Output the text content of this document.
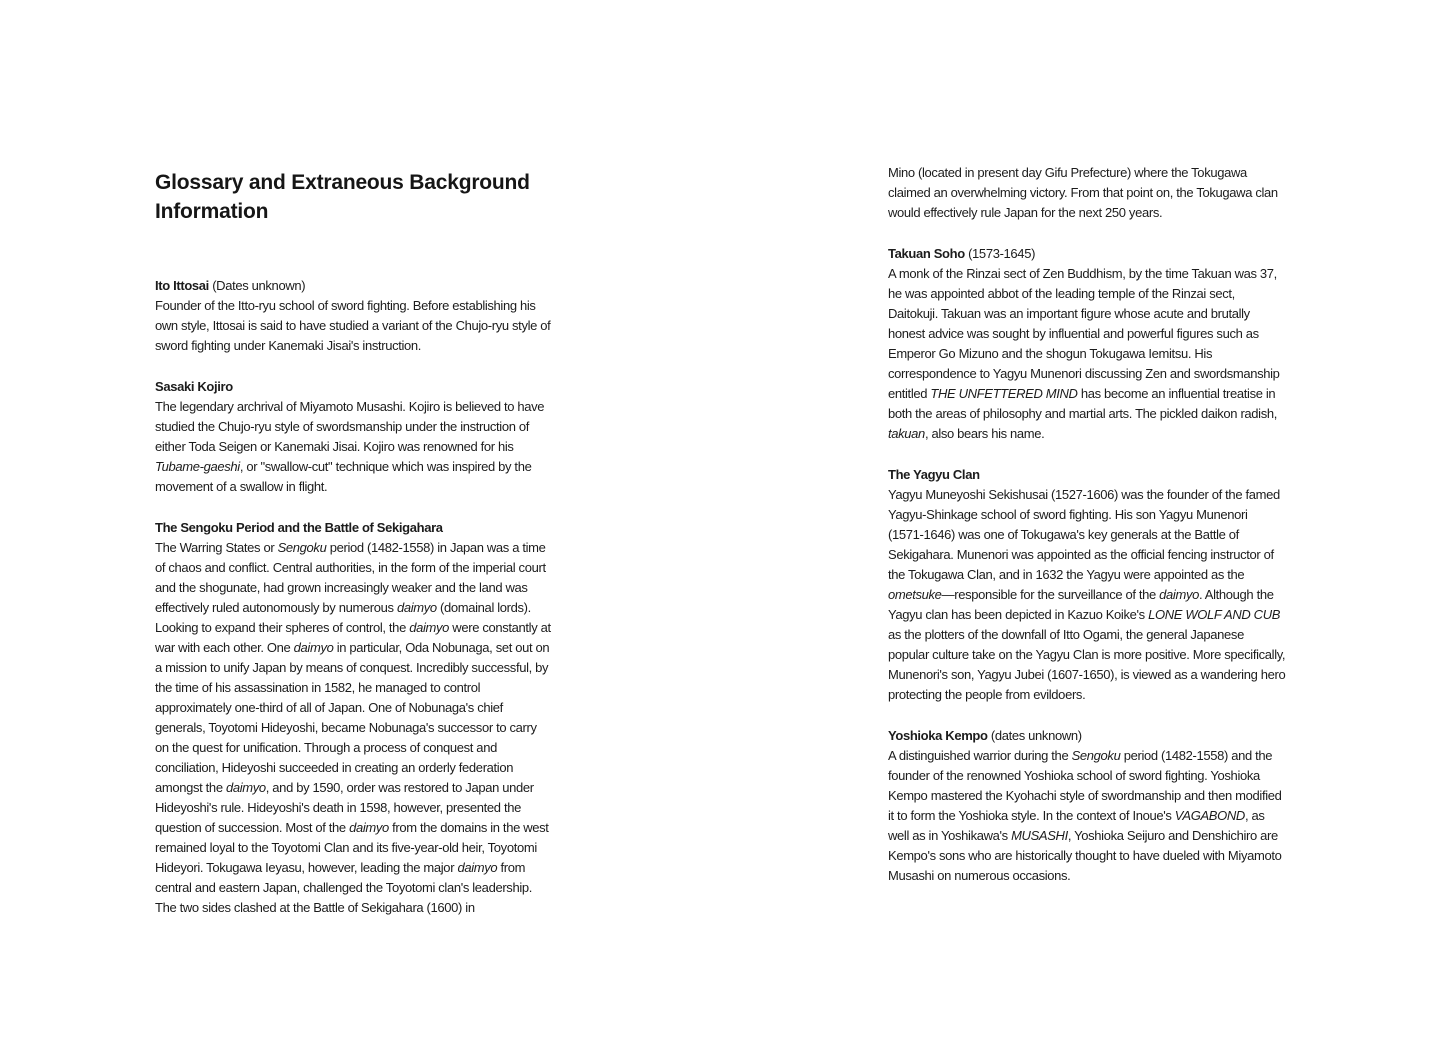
Glossary and Extraneous Background Information
Ito Ittosai (Dates unknown)

Founder of the Itto-ryu school of sword fighting. Before establishing his own style, Ittosai is said to have studied a variant of the Chujo-ryu style of sword fighting under Kanemaki Jisai's instruction.

Sasaki Kojiro

The legendary archrival of Miyamoto Musashi. Kojiro is believed to have studied the Chujo-ryu style of swordsmanship under the instruction of either Toda Seigen or Kanemaki Jisai. Kojiro was renowned for his Tubame-gaeshi, or "swallow-cut" technique which was inspired by the movement of a swallow in flight.

The Sengoku Period and the Battle of Sekigahara

The Warring States or Sengoku period (1482-1558) in Japan was a time of chaos and conflict. Central authorities, in the form of the imperial court and the shogunate, had grown increasingly weaker and the land was effectively ruled autonomously by numerous daimyo (domainal lords). Looking to expand their spheres of control, the daimyo were constantly at war with each other. One daimyo in particular, Oda Nobunaga, set out on a mission to unify Japan by means of conquest. Incredibly successful, by the time of his assassination in 1582, he managed to control approximately one-third of all of Japan. One of Nobunaga's chief generals, Toyotomi Hideyoshi, became Nobunaga's successor to carry on the quest for unification. Through a process of conquest and conciliation, Hideyoshi succeeded in creating an orderly federation amongst the daimyo, and by 1590, order was restored to Japan under Hideyoshi's rule. Hideyoshi's death in 1598, however, presented the question of succession. Most of the daimyo from the domains in the west remained loyal to the Toyotomi Clan and its five-year-old heir, Toyotomi Hideyori. Tokugawa Ieyasu, however, leading the major daimyo from central and eastern Japan, challenged the Toyotomi clan's leadership. The two sides clashed at the Battle of Sekigahara (1600) in

Mino (located in present day Gifu Prefecture) where the Tokugawa claimed an overwhelming victory. From that point on, the Tokugawa clan would effectively rule Japan for the next 250 years.

Takuan Soho (1573-1645)

A monk of the Rinzai sect of Zen Buddhism, by the time Takuan was 37, he was appointed abbot of the leading temple of the Rinzai sect, Daitokuji. Takuan was an important figure whose acute and brutally honest advice was sought by influential and powerful figures such as Emperor Go Mizuno and the shogun Tokugawa Iemitsu. His correspondence to Yagyu Munenori discussing Zen and swordsmanship entitled THE UNFETTERED MIND has become an influential treatise in both the areas of philosophy and martial arts. The pickled daikon radish, takuan, also bears his name.

The Yagyu Clan

Yagyu Muneyoshi Sekishusai (1527-1606) was the founder of the famed Yagyu-Shinkage school of sword fighting. His son Yagyu Munenori (1571-1646) was one of Tokugawa's key generals at the Battle of Sekigahara. Munenori was appointed as the official fencing instructor of the Tokugawa Clan, and in 1632 the Yagyu were appointed as the ometsuke—responsible for the surveillance of the daimyo. Although the Yagyu clan has been depicted in Kazuo Koike's LONE WOLF AND CUB as the plotters of the downfall of Itto Ogami, the general Japanese popular culture take on the Yagyu Clan is more positive. More specifically, Munenori's son, Yagyu Jubei (1607-1650), is viewed as a wandering hero protecting the people from evildoers.

Yoshioka Kempo (dates unknown)

A distinguished warrior during the Sengoku period (1482-1558) and the founder of the renowned Yoshioka school of sword fighting. Yoshioka Kempo mastered the Kyohachi style of swordmanship and then modified it to form the Yoshioka style. In the context of Inoue's VAGABOND, as well as in Yoshikawa's MUSASHI, Yoshioka Seijuro and Denshichiro are Kempo's sons who are historically thought to have dueled with Miyamoto Musashi on numerous occasions.
